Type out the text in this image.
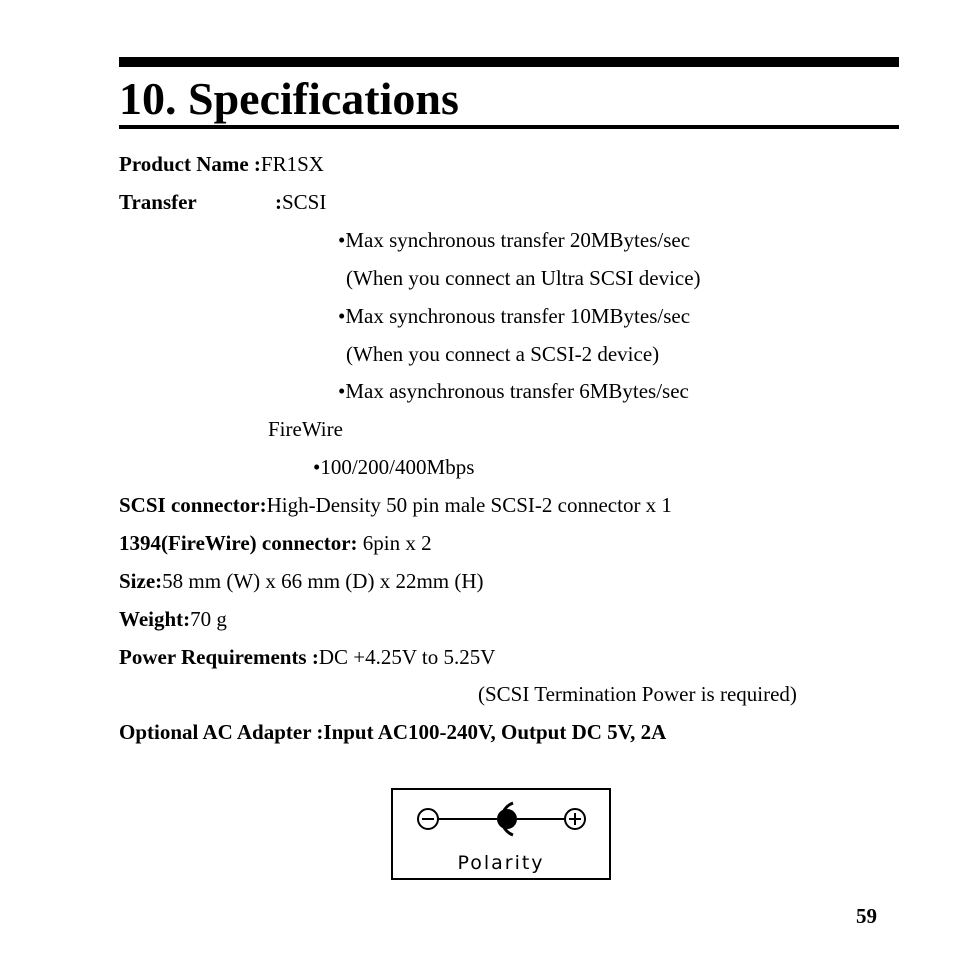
10. Specifications
Product Name :FR1SX
Transfer	:SCSI
•Max synchronous transfer 20MBytes/sec
(When you connect an Ultra SCSI device)
•Max synchronous transfer 10MBytes/sec
(When you connect a SCSI-2 device)
•Max asynchronous transfer 6MBytes/sec
FireWire
•100/200/400Mbps
SCSI connector:High-Density 50 pin male SCSI-2 connector x 1
1394(FireWire) connector: 6pin x 2
Size:58 mm (W) x 66 mm (D) x 22mm (H)
Weight:70 g
Power Requirements :DC +4.25V to 5.25V
(SCSI Termination Power is required)
Optional AC Adapter :Input AC100-240V, Output DC 5V, 2A
Polarity
59
